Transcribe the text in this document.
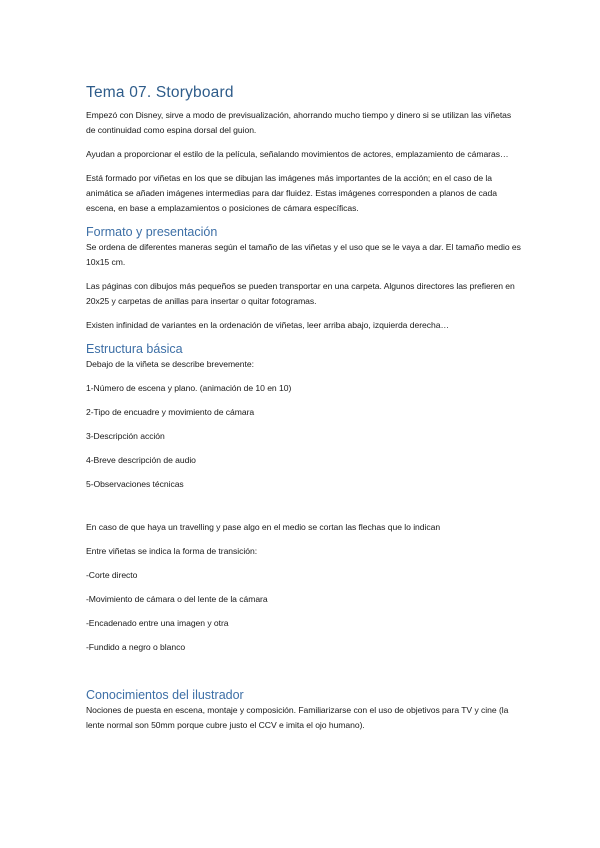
Tema 07. Storyboard

Empezó con Disney, sirve a modo de previsualización, ahorrando mucho tiempo y dinero si se utilizan las viñetas de continuidad como espina dorsal del guion.

Ayudan a proporcionar el estilo de la película, señalando movimientos de actores, emplazamiento de cámaras…

Está formado por viñetas en los que se dibujan las imágenes más importantes de la acción; en el caso de la animática se añaden imágenes intermedias para dar fluidez. Estas imágenes corresponden a planos de cada escena, en base a emplazamientos o posiciones de cámara específicas.

Formato y presentación

Se ordena de diferentes maneras según el tamaño de las viñetas y el uso que se le vaya a dar. El tamaño medio es 10x15 cm.

Las páginas con dibujos más pequeños se pueden transportar en una carpeta. Algunos directores las prefieren en 20x25 y carpetas de anillas para insertar o quitar fotogramas.

Existen infinidad de variantes en la ordenación de viñetas, leer arriba abajo, izquierda derecha…

Estructura básica

Debajo de la viñeta se describe brevemente:

1-Número de escena y plano. (animación de 10 en 10)

2-Tipo de encuadre y movimiento de cámara

3-Descripción acción

4-Breve descripción de audio

5-Observaciones técnicas

En caso de que haya un travelling y pase algo en el medio se cortan las flechas que lo indican

Entre viñetas se indica la forma de transición:

-Corte directo

-Movimiento de cámara o del lente de la cámara

-Encadenado entre una imagen y otra

-Fundido a negro o blanco

Conocimientos del ilustrador

Nociones de puesta en escena, montaje y composición. Familiarizarse con el uso de objetivos para TV y cine (la lente normal son 50mm porque cubre justo el CCV e imita el ojo humano).
